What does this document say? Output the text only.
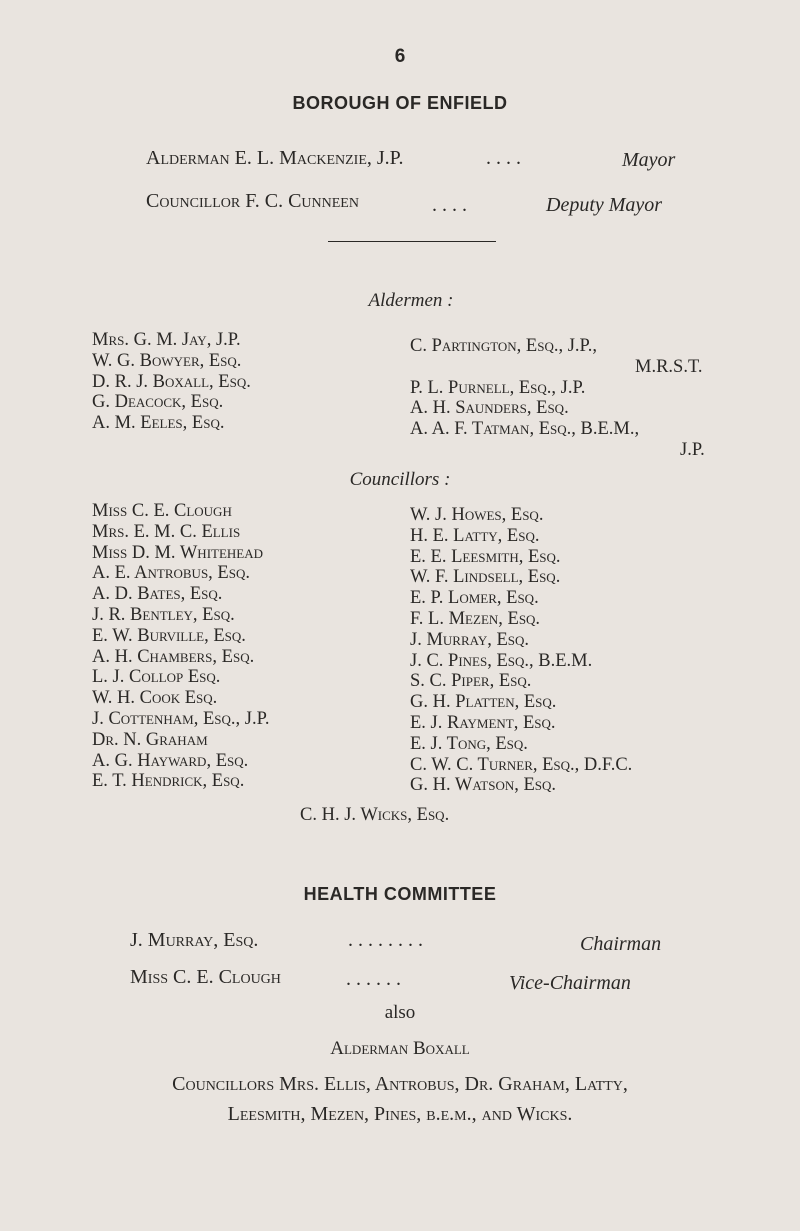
6
BOROUGH OF ENFIELD
Alderman E. L. Mackenzie, J.P.	. . . .	Mayor
Councillor F. C. Cunneen	. . . .	Deputy Mayor
Aldermen :
Mrs. G. M. Jay, J.P.
W. G. Bowyer, Esq.
D. R. J. Boxall, Esq.
G. Deacock, Esq.
A. M. Eeles, Esq.
C. Partington, Esq., J.P.,
M.R.S.T.
P. L. Purnell, Esq., J.P.
A. H. Saunders, Esq.
A. A. F. Tatman, Esq., B.E.M.,
J.P.
Councillors :
Miss C. E. Clough
Mrs. E. M. C. Ellis
Miss D. M. Whitehead
A. E. Antrobus, Esq.
A. D. Bates, Esq.
J. R. Bentley, Esq.
E. W. Burville, Esq.
A. H. Chambers, Esq.
L. J. Collop Esq.
W. H. Cook Esq.
J. Cottenham, Esq., J.P.
Dr. N. Graham
A. G. Hayward, Esq.
E. T. Hendrick, Esq.
W. J. Howes, Esq.
H. E. Latty, Esq.
E. E. Leesmith, Esq.
W. F. Lindsell, Esq.
E. P. Lomer, Esq.
F. L. Mezen, Esq.
J. Murray, Esq.
J. C. Pines, Esq., B.E.M.
S. C. Piper, Esq.
G. H. Platten, Esq.
E. J. Rayment, Esq.
E. J. Tong, Esq.
C. W. C. Turner, Esq., D.F.C.
G. H. Watson, Esq.
C. H. J. Wicks, Esq.
HEALTH COMMITTEE
J. Murray, Esq.	. . . . . . . .	Chairman
Miss C. E. Clough	. . . . . .	Vice-Chairman
also
Alderman Boxall
Councillors Mrs. Ellis, Antrobus, Dr. Graham, Latty,
Leesmith, Mezen, Pines, b.e.m., and Wicks.
